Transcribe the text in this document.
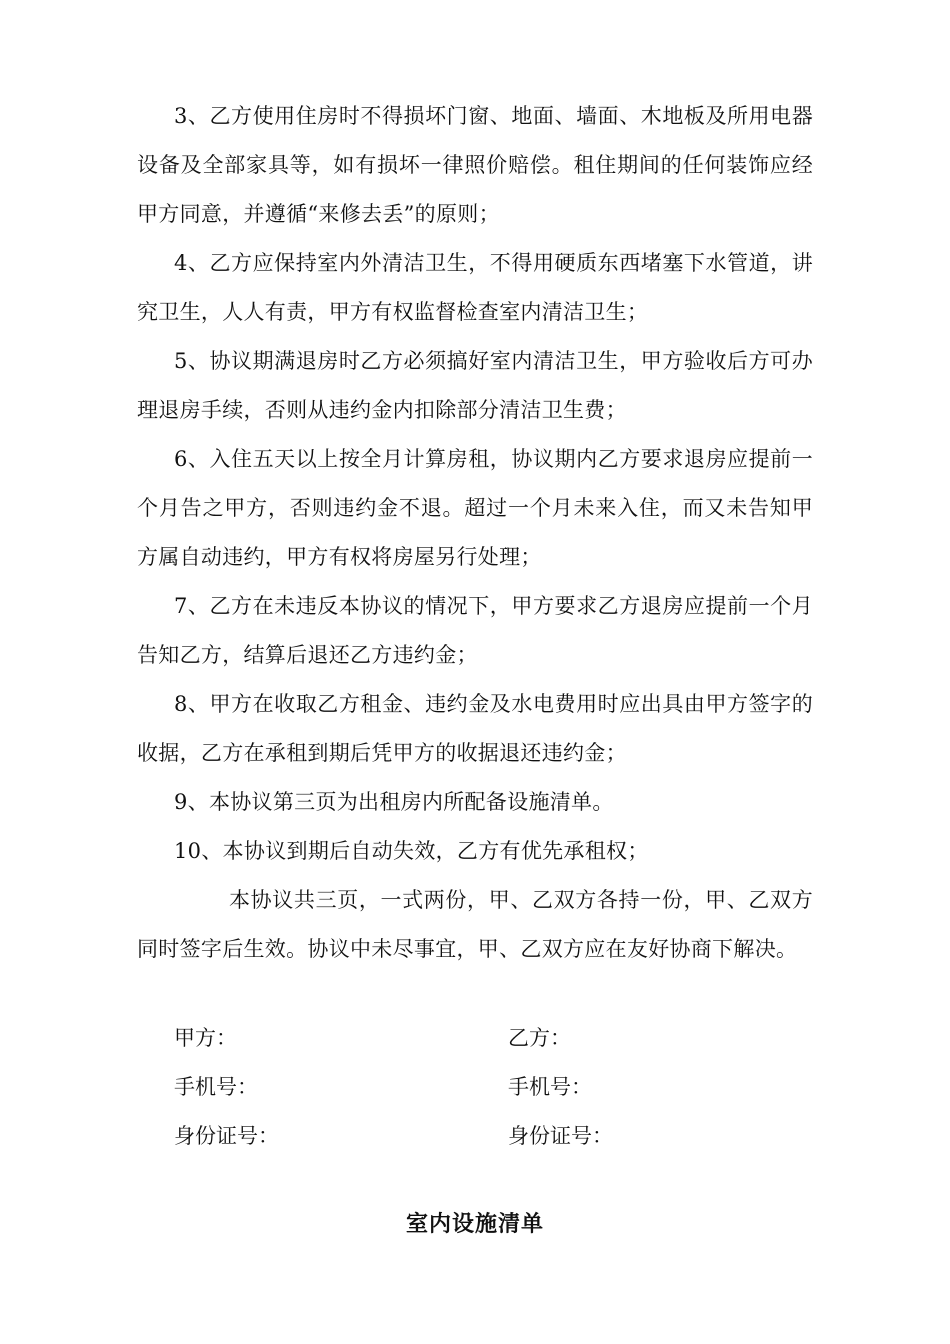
3、乙方使用住房时不得损坏门窗、地面、墙面、木地板及所用电器设备及全部家具等，如有损坏一律照价赔偿。租住期间的任何装饰应经甲方同意，并遵循“来修去丢”的原则；

4、乙方应保持室内外清洁卫生，不得用硬质东西堵塞下水管道，讲究卫生，人人有责，甲方有权监督检查室内清洁卫生；

5、协议期满退房时乙方必须搞好室内清洁卫生，甲方验收后方可办理退房手续，否则从违约金内扣除部分清洁卫生费；

6、入住五天以上按全月计算房租，协议期内乙方要求退房应提前一个月告之甲方，否则违约金不退。超过一个月未来入住，而又未告知甲方属自动违约，甲方有权将房屋另行处理；

7、乙方在未违反本协议的情况下，甲方要求乙方退房应提前一个月告知乙方，结算后退还乙方违约金；

8、甲方在收取乙方租金、违约金及水电费用时应出具由甲方签字的收据，乙方在承租到期后凭甲方的收据退还违约金；

9、本协议第三页为出租房内所配备设施清单。

10、本协议到期后自动失效，乙方有优先承租权；

本协议共三页，一式两份，甲、乙双方各持一份，甲、乙双方同时签字后生效。协议中未尽事宜，甲、乙双方应在友好协商下解决。

甲方：	乙方：
手机号：	手机号：
身份证号：	身份证号：
室内设施清单
